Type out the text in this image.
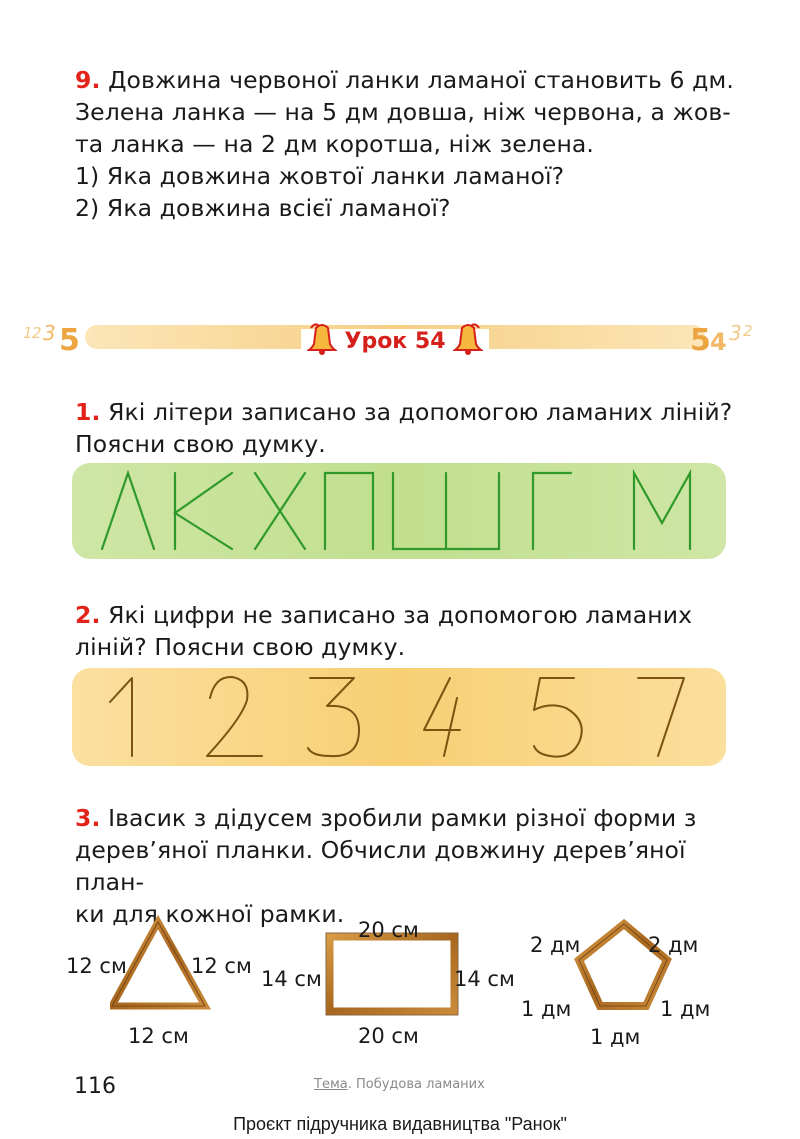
9. Довжина червоної ланки ламаної становить 6 дм.
Зелена ланка — на 5 дм довша, ніж червона, а жов-
та ланка — на 2 дм коротша, ніж зелена.
1) Яка довжина жовтої ланки ламаної?
2) Яка довжина всієї ламаної?
1 2 3 5	5 4 3 2
Урок 54
1. Які літери записано за допомогою ламаних ліній?
Поясни свою думку.
2. Які цифри не записано за допомогою ламаних
ліній? Поясни свою думку.
3. Івасик з дідусем зробили рамки різної форми з
дерев’яної планки. Обчисли довжину дерев’яної план-
ки для кожної рамки.
12 см	12 см
12 см
20 см
14 см	14 см
20 см
2 дм	2 дм
1 дм	1 дм
1 дм
116	Тема. Побудова ламаних
Проєкт підручника видавництва "Ранок"
